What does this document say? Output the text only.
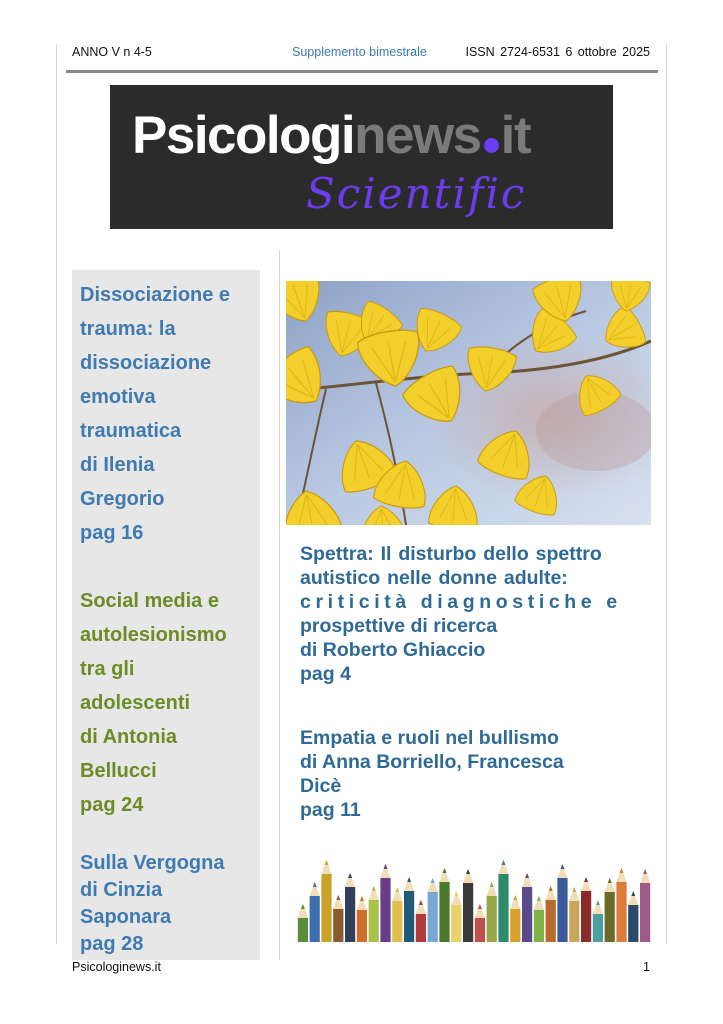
ANNO V n 4-5	Supplemento bimestrale	ISSN 2724-6531 6 ottobre 2025
Psicologinews it
Scientific
Dissociazione e
trauma: la
dissociazione
emotiva
traumatica
di Ilenia
Gregorio
pag 16
Social media e
autolesionismo
tra gli
adolescenti
di Antonia
Bellucci
pag 24
Sulla Vergogna
di Cinzia
Saponara
pag 28
Spettra: Il disturbo dello spettro
autistico nelle donne adulte:
criticità diagnostiche e
prospettive di ricerca
di Roberto Ghiaccio
pag 4
Empatia e ruoli nel bullismo
di Anna Borriello, Francesca
Dicè
pag 11
Psicologinews.it	1
